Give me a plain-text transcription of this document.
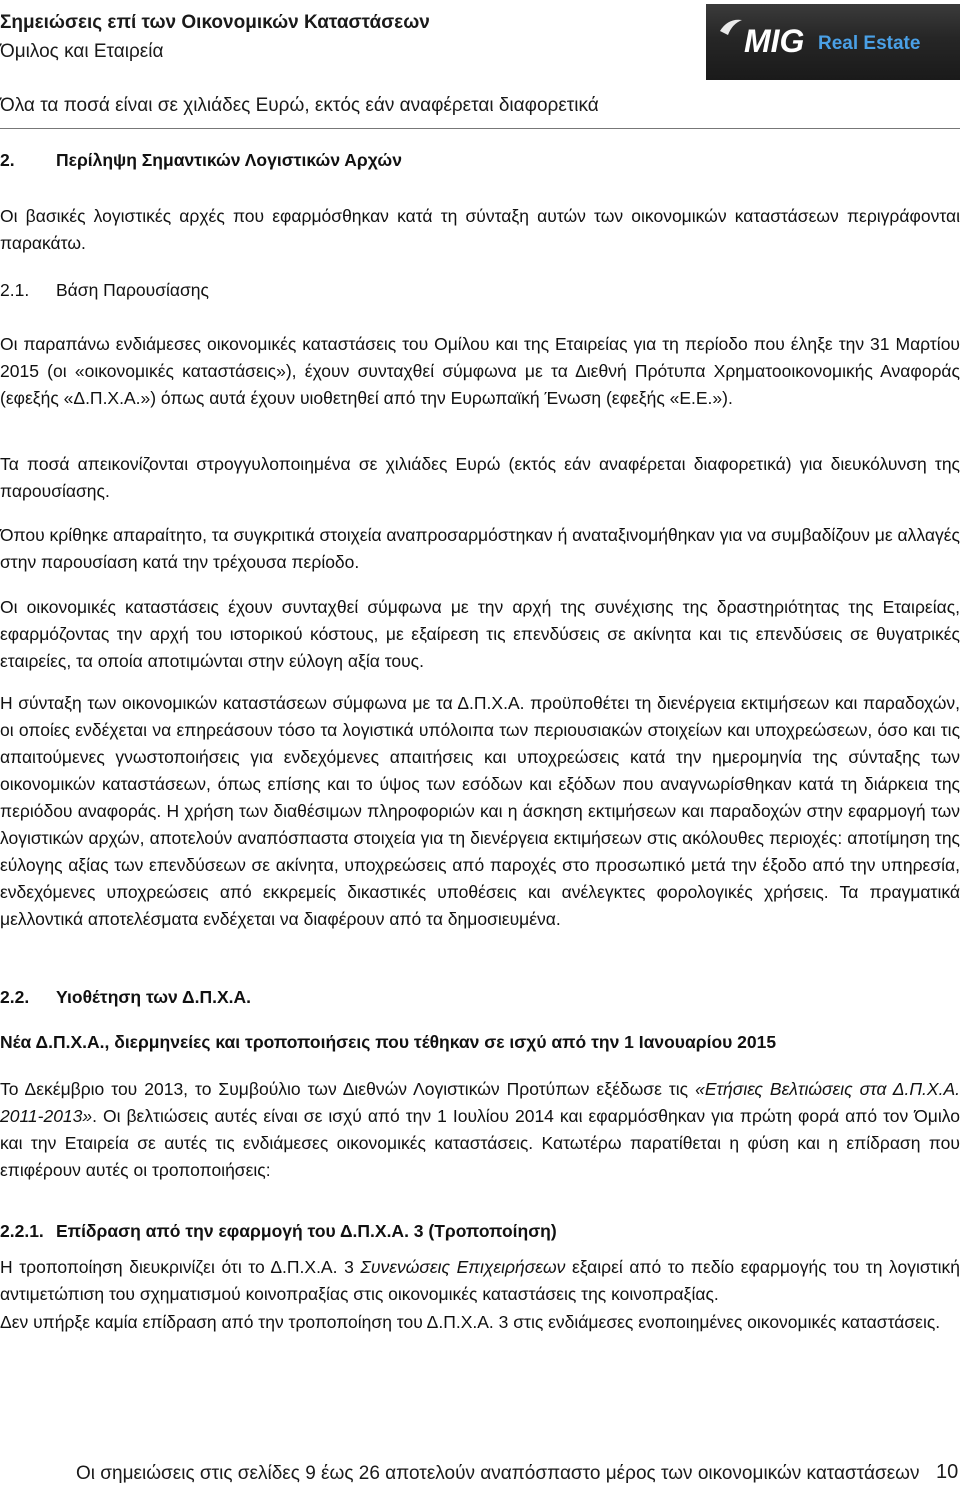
Σημειώσεις επί των Οικονομικών Καταστάσεων
Όμιλος και Εταιρεία
Όλα τα ποσά είναι σε χιλιάδες Ευρώ, εκτός εάν αναφέρεται διαφορετικά
MIG Real Estate
2. Περίληψη Σημαντικών Λογιστικών Αρχών

Οι βασικές λογιστικές αρχές που εφαρμόσθηκαν κατά τη σύνταξη αυτών των οικονομικών καταστάσεων περιγράφονται παρακάτω.

2.1. Βάση Παρουσίασης

Οι παραπάνω ενδιάμεσες οικονομικές καταστάσεις του Ομίλου και της Εταιρείας για τη περίοδο που έληξε την 31 Μαρτίου 2015 (οι «οικονομικές καταστάσεις»), έχουν συνταχθεί σύμφωνα με τα Διεθνή Πρότυπα Χρηματοοικονομικής Αναφοράς (εφεξής «Δ.Π.Χ.Α.») όπως αυτά έχουν υιοθετηθεί από την Ευρωπαϊκή Ένωση (εφεξής «Ε.Ε.»).

Τα ποσά απεικονίζονται στρογγυλοποιημένα σε χιλιάδες Ευρώ (εκτός εάν αναφέρεται διαφορετικά) για διευκόλυνση της παρουσίασης.

Όπου κρίθηκε απαραίτητο, τα συγκριτικά στοιχεία αναπροσαρμόστηκαν ή αναταξινομήθηκαν για να συμβαδίζουν με αλλαγές στην παρουσίαση κατά την τρέχουσα περίοδο.

Οι οικονομικές καταστάσεις έχουν συνταχθεί σύμφωνα με την αρχή της συνέχισης της δραστηριότητας της Εταιρείας, εφαρμόζοντας την αρχή του ιστορικού κόστους, με εξαίρεση τις επενδύσεις σε ακίνητα και τις επενδύσεις σε θυγατρικές εταιρείες, τα οποία αποτιμώνται στην εύλογη αξία τους.

Η σύνταξη των οικονομικών καταστάσεων σύμφωνα με τα Δ.Π.Χ.Α. προϋποθέτει τη διενέργεια εκτιμήσεων και παραδοχών, οι οποίες ενδέχεται να επηρεάσουν τόσο τα λογιστικά υπόλοιπα των περιουσιακών στοιχείων και υποχρεώσεων, όσο και τις απαιτούμενες γνωστοποιήσεις για ενδεχόμενες απαιτήσεις και υποχρεώσεις κατά την ημερομηνία της σύνταξης των οικονομικών καταστάσεων, όπως επίσης και το ύψος των εσόδων και εξόδων που αναγνωρίσθηκαν κατά τη διάρκεια της περιόδου αναφοράς. Η χρήση των διαθέσιμων πληροφοριών και η άσκηση εκτιμήσεων και παραδοχών στην εφαρμογή των λογιστικών αρχών, αποτελούν αναπόσπαστα στοιχεία για τη διενέργεια εκτιμήσεων στις ακόλουθες περιοχές: αποτίμηση της εύλογης αξίας των επενδύσεων σε ακίνητα, υποχρεώσεις από παροχές στο προσωπικό μετά την έξοδο από την υπηρεσία, ενδεχόμενες υποχρεώσεις από εκκρεμείς δικαστικές υποθέσεις και ανέλεγκτες φορολογικές χρήσεις. Τα πραγματικά μελλοντικά αποτελέσματα ενδέχεται να διαφέρουν από τα δημοσιευμένα.

2.2. Υιοθέτηση των Δ.Π.Χ.Α.
Νέα Δ.Π.Χ.Α., διερμηνείες και τροποποιήσεις που τέθηκαν σε ισχύ από την 1 Ιανουαρίου 2015

Το Δεκέμβριο του 2013, το Συμβούλιο των Διεθνών Λογιστικών Προτύπων εξέδωσε τις «Ετήσιες Βελτιώσεις στα Δ.Π.Χ.Α. 2011-2013». Οι βελτιώσεις αυτές είναι σε ισχύ από την 1 Ιουλίου 2014 και εφαρμόσθηκαν για πρώτη φορά από τον Όμιλο και την Εταιρεία σε αυτές τις ενδιάμεσες οικονομικές καταστάσεις. Κατωτέρω παρατίθεται η φύση και η επίδραση που επιφέρουν αυτές οι τροποποιήσεις:

2.2.1. Επίδραση από την εφαρμογή του Δ.Π.Χ.Α. 3 (Τροποποίηση)

Η τροποποίηση διευκρινίζει ότι το Δ.Π.Χ.Α. 3 Συνενώσεις Επιχειρήσεων εξαιρεί από το πεδίο εφαρμογής του τη λογιστική αντιμετώπιση του σχηματισμού κοινοπραξίας στις οικονομικές καταστάσεις της κοινοπραξίας.

Δεν υπήρξε καμία επίδραση από την τροποποίηση του Δ.Π.Χ.Α. 3 στις ενδιάμεσες ενοποιημένες οικονομικές καταστάσεις.

Οι σημειώσεις στις σελίδες 9 έως 26 αποτελούν αναπόσπαστο μέρος των οικονομικών καταστάσεων 10
